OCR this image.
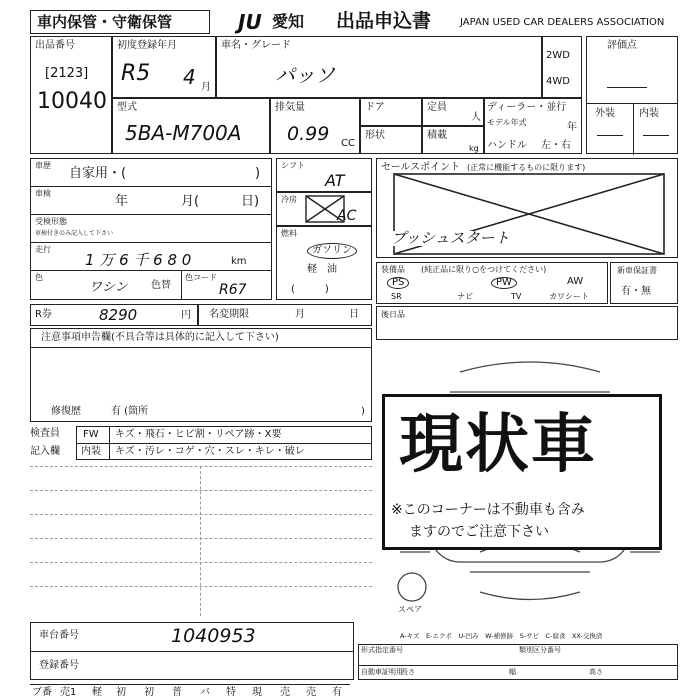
車内保管・守衛保管	JU 愛知 出品申込書	JAPAN USED CAR DEALERS ASSOCIATION
出品番号
[2123]
10040
初度登録年月
R5 4 月
車名・グレード
パッソ
2WD
4WD
評価点
外装 内装
型式
5BA-M700A
排気量
0.99 CC
ドア
形状
定員
人
積載
kg
ディーラー・並行
モデル年式	年
ハンドル 左・右
車歴
自家用・(	)
車検
年	月(	日)
受検形態
車検付きのみ記入して下さい
走行
1 万 6 千 6 8 0	km
色
ワシン 色替
色コード
R67
シフト
AT
冷房
AC
燃料
ガソリン
軽　油
(　　　)
セールスポイント (正常に機能するものに限ります)
プッシュスタート
装備品 (純正品に限り○をつけてください)
PS	PW	AW
SR	ナビ	TV	カワシート
新車保証書
有・無
R券	8290	円 名変期限	月	日	後日品
注意事項申告欄(不具合等は具体的に記入して下さい)
修復歴	有 (箇所	)
検査員
記入欄
FW キズ・飛石・ヒビ割・リペア跡・X要
内装 キズ・汚レ・コゲ・穴・スレ・キレ・破レ
スペア
A-キズ　E-エクボ　U-凹み　W-補修跡　S-サビ　C-腐食　XX-交換済
現状車
※このコーナーは不動車も含み
ますのでご注意下さい
車台番号	1040953
登録番号
形式指定番号	類別区分番号
自動車証明用
長さ	幅	高さ
ブ番 売1 軽 初 初 普 バ 特 現 売 売 有
